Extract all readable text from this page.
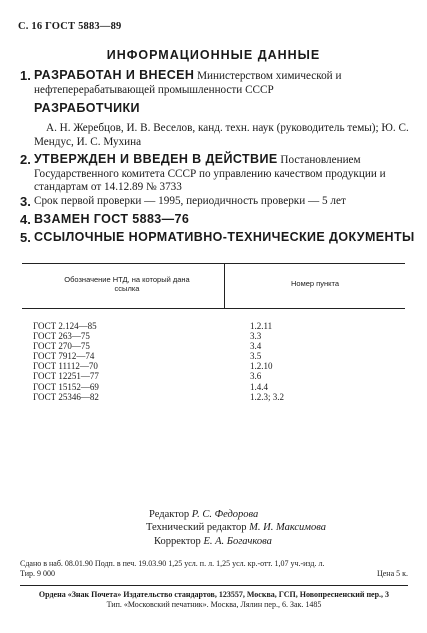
С. 16 ГОСТ 5883—89
ИНФОРМАЦИОННЫЕ ДАННЫЕ
1. РАЗРАБОТАН И ВНЕСЕН Министерством химической и нефтеперерабатывающей промышленности СССР
РАЗРАБОТЧИКИ
А. Н. Жеребцов, И. В. Веселов, канд. техн. наук (руководитель темы); Ю. С. Мендус, И. С. Мухина
2. УТВЕРЖДЕН И ВВЕДЕН В ДЕЙСТВИЕ Постановлением Государственного комитета СССР по управлению качеством продукции и стандартам от 14.12.89 № 3733
3. Срок первой проверки — 1995, периодичность проверки — 5 лет
4. ВЗАМЕН ГОСТ 5883—76
5. ССЫЛОЧНЫЕ НОРМАТИВНО-ТЕХНИЧЕСКИЕ ДОКУМЕНТЫ
Обозначение НТД, на который дана ссылка
Номер пункта
ГОСТ 2.124—85	1.2.11
ГОСТ 263—75	3.3
ГОСТ 270—75	3.4
ГОСТ 7912—74	3.5
ГОСТ 11112—70	1.2.10
ГОСТ 12251—77	3.6
ГОСТ 15152—69	1.4.4
ГОСТ 25346—82	1.2.3; 3.2
Редактор Р. С. Федорова
Технический редактор М. И. Максимова
Корректор Е. А. Богачкова
Сдано в наб. 08.01.90 Подп. в печ. 19.03.90 1,25 усл. п. л. 1,25 усл. кр.-отт. 1,07 уч.-изд. л.
Тир. 9 000	Цена 5 к.
Ордена «Знак Почета» Издательство стандартов, 123557, Москва, ГСП, Новопресненский пер., 3
Тип. «Московский печатник». Москва, Лялин пер., 6. Зак. 1485
